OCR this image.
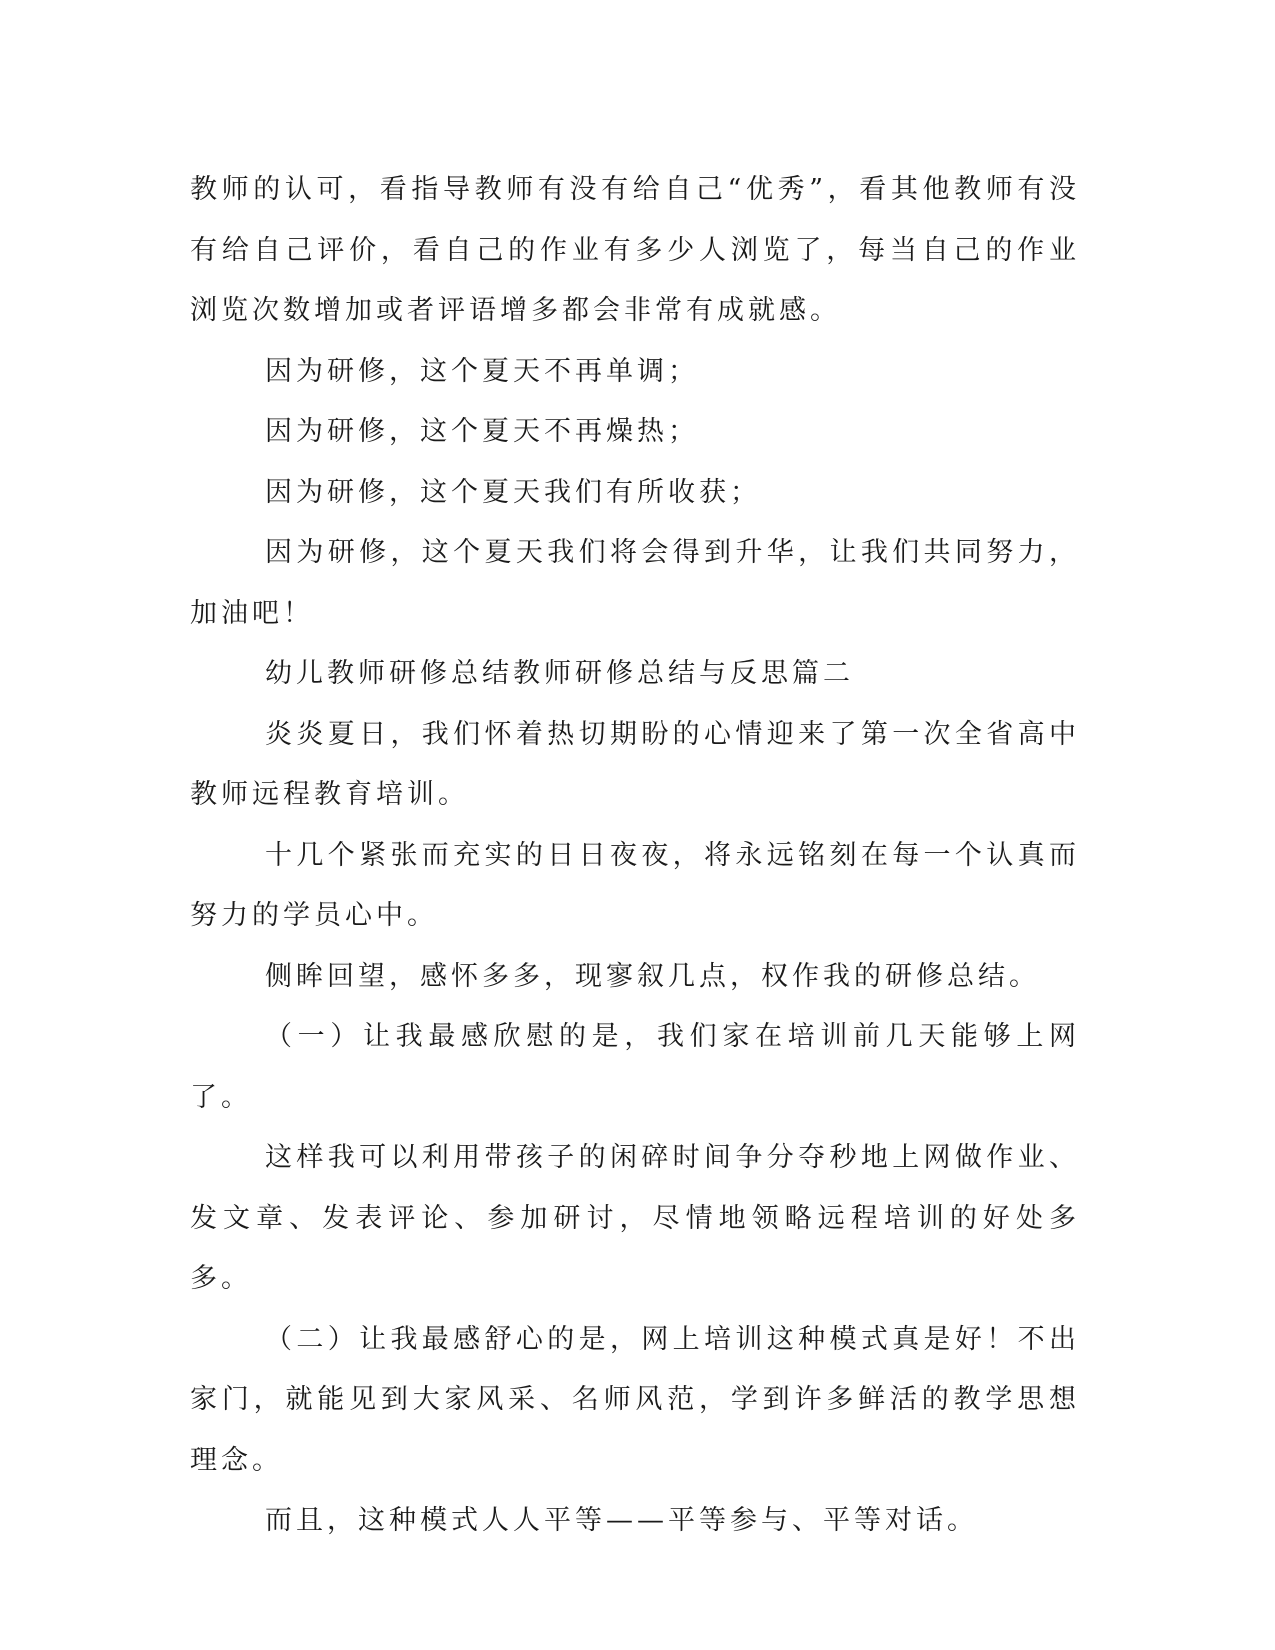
教师的认可，看指导教师有没有给自己“优秀”，看其他教师有没有给自己评价，看自己的作业有多少人浏览了，每当自己的作业浏览次数增加或者评语增多都会非常有成就感。

因为研修，这个夏天不再单调；

因为研修，这个夏天不再燥热；

因为研修，这个夏天我们有所收获；

因为研修，这个夏天我们将会得到升华，让我们共同努力，加油吧！

幼儿教师研修总结教师研修总结与反思篇二

炎炎夏日，我们怀着热切期盼的心情迎来了第一次全省高中教师远程教育培训。

十几个紧张而充实的日日夜夜，将永远铭刻在每一个认真而努力的学员心中。

侧眸回望，感怀多多，现寥叙几点，权作我的研修总结。

（一）让我最感欣慰的是，我们家在培训前几天能够上网了。

这样我可以利用带孩子的闲碎时间争分夺秒地上网做作业、发文章、发表评论、参加研讨，尽情地领略远程培训的好处多多。

（二）让我最感舒心的是，网上培训这种模式真是好！不出家门，就能见到大家风采、名师风范，学到许多鲜活的教学思想理念。

而且，这种模式人人平等——平等参与、平等对话。
